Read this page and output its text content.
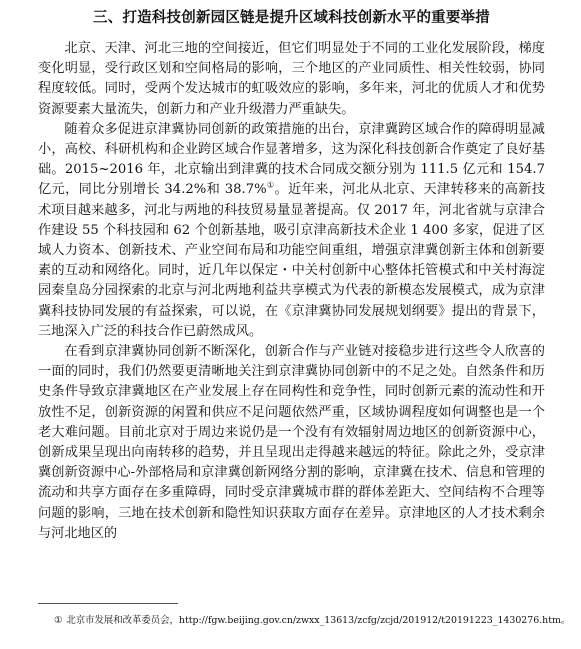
三、打造科技创新园区链是提升区域科技创新水平的重要举措

北京、天津、河北三地的空间接近，但它们明显处于不同的工业化发展阶段，梯度变化明显，受行政区划和空间格局的影响，三个地区的产业同质性、相关性较弱，协同程度较低。同时，受两个发达城市的虹吸效应的影响，多年来，河北的优质人才和优势资源要素大量流失，创新力和产业升级潜力严重缺失。

随着众多促进京津冀协同创新的政策措施的出台，京津冀跨区域合作的障碍明显减小，高校、科研机构和企业跨区域合作显著增多，这为深化科技创新合作奠定了良好基础。2015~2016 年，北京输出到津冀的技术合同成交额分别为 111.5 亿元和 154.7 亿元，同比分别增长 34.2%和 38.7%①。近年来，河北从北京、天津转移来的高新技术项目越来越多，河北与两地的科技贸易量显著提高。仅 2017 年，河北省就与京津合作建设 55 个科技园和 62 个创新基地，吸引京津高新技术企业 1 400 多家，促进了区域人力资本、创新技术、产业空间布局和功能空间重组，增强京津冀创新主体和创新要素的互动和网络化。同时，近几年以保定・中关村创新中心整体托管模式和中关村海淀园秦皇岛分园探索的北京与河北两地利益共享模式为代表的新模态发展模式，成为京津冀科技协同发展的有益探索，可以说，在《京津冀协同发展规划纲要》提出的背景下，三地深入广泛的科技合作已蔚然成风。

在看到京津冀协同创新不断深化，创新合作与产业链对接稳步进行这些令人欣喜的一面的同时，我们仍然要更清晰地关注到京津冀协同创新中的不足之处。自然条件和历史条件导致京津冀地区在产业发展上存在同构性和竞争性，同时创新元素的流动性和开放性不足，创新资源的闲置和供应不足问题依然严重，区域协调程度如何调整也是一个老大难问题。目前北京对于周边来说仍是一个没有有效辐射周边地区的创新资源中心，创新成果呈现出向南转移的趋势，并且呈现出走得越来越远的特征。除此之外，受京津冀创新资源中心-外部格局和京津冀创新网络分割的影响，京津冀在技术、信息和管理的流动和共享方面存在多重障碍，同时受京津冀城市群的群体差距大、空间结构不合理等问题的影响，三地在技术创新和隐性知识获取方面存在差异。京津地区的人才技术剩余与河北地区的

① 北京市发展和改革委员会，http://fgw.beijing.gov.cn/zwxx_13613/zcfg/zcjd/201912/t20191223_1430276.htm。
